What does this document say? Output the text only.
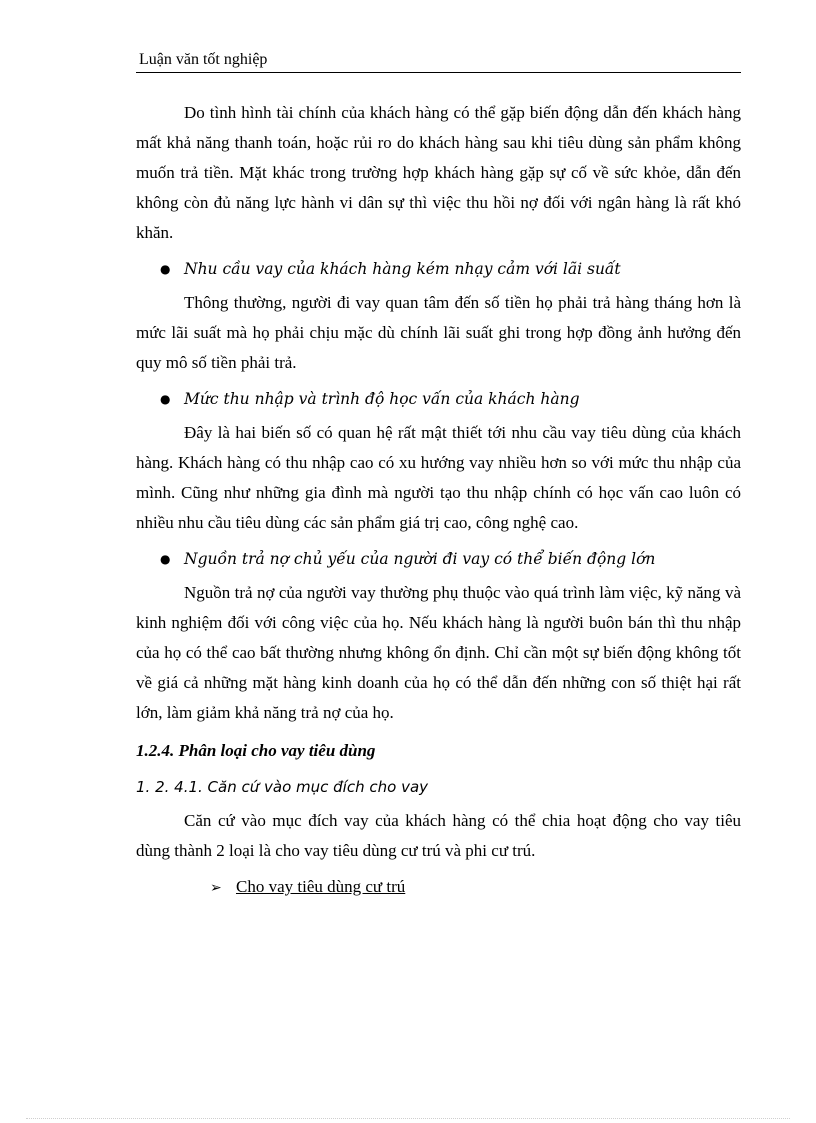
Luận văn tốt nghiệp

Do tình hình tài chính của khách hàng có thể gặp biến động dẫn đến khách hàng mất khả năng thanh toán, hoặc rủi ro do khách hàng sau khi tiêu dùng sản phẩm không muốn trả tiền. Mặt khác trong trường hợp khách hàng gặp sự cố về sức khỏe, dẫn đến không còn đủ năng lực hành vi dân sự thì việc thu hồi nợ đối với ngân hàng là rất khó khăn.

● Nhu cầu vay của khách hàng kém nhạy cảm với lãi suất

Thông thường, người đi vay quan tâm đến số tiền họ phải trả hàng tháng hơn là mức lãi suất mà họ phải chịu mặc dù chính lãi suất ghi trong hợp đồng ảnh hưởng đến quy mô số tiền phải trả.

● Mức thu nhập và trình độ học vấn của khách hàng

Đây là hai biến số có quan hệ rất mật thiết tới nhu cầu vay tiêu dùng của khách hàng. Khách hàng có thu nhập cao có xu hướng vay nhiều hơn so với mức thu nhập của mình. Cũng như những gia đình mà người tạo thu nhập chính có học vấn cao luôn có nhiều nhu cầu tiêu dùng các sản phẩm giá trị cao, công nghệ cao.

● Nguồn trả nợ chủ yếu của người đi vay có thể biến động lớn

Nguồn trả nợ của người vay thường phụ thuộc vào quá trình làm việc, kỹ năng và kinh nghiệm đối với công việc của họ. Nếu khách hàng là người buôn bán thì thu nhập của họ có thể cao bất thường nhưng không ổn định. Chỉ cần một sự biến động không tốt về giá cả những mặt hàng kinh doanh của họ có thể dẫn đến những con số thiệt hại rất lớn, làm giảm khả năng trả nợ của họ.

1.2.4. Phân loại cho vay tiêu dùng
1. 2. 4.1. Căn cứ vào mục đích cho vay

Căn cứ vào mục đích vay của khách hàng có thể chia hoạt động cho vay tiêu dùng thành 2 loại là cho vay tiêu dùng cư trú và phi cư trú.

➢ Cho vay tiêu dùng cư trú
